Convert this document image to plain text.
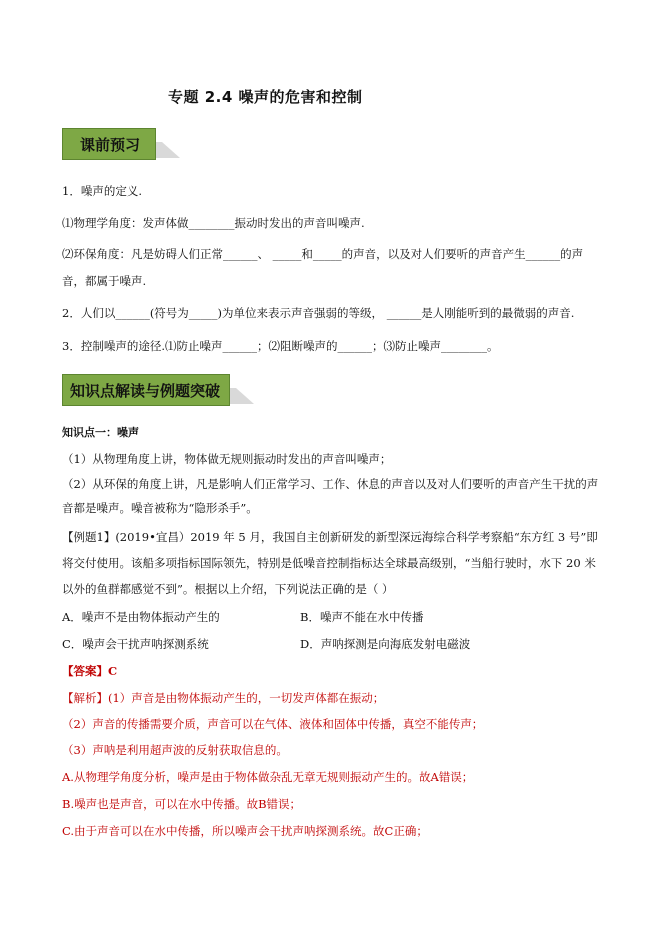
专题 2.4 噪声的危害和控制
课前预习
1．噪声的定义.
⑴物理学角度：发声体做________振动时发出的声音叫噪声.
⑵环保角度：凡是妨碍人们正常______、 _____和_____的声音，以及对人们要听的声音产生______的声
音，都属于噪声.
2．人们以______(符号为_____)为单位来表示声音强弱的等级， ______是人刚能听到的最微弱的声音.
3．控制噪声的途径.⑴防止噪声______；⑵阻断噪声的______；⑶防止噪声________。
知识点解读与例题突破
知识点一：噪声
（1）从物理角度上讲，物体做无规则振动时发出的声音叫噪声；
（2）从环保的角度上讲，凡是影响人们正常学习、工作、休息的声音以及对人们要听的声音产生干扰的声
音都是噪声。噪音被称为“隐形杀手”。
【例题1】(2019•宜昌）2019 年 5 月，我国自主创新研发的新型深远海综合科学考察船“东方红 3 号”即
将交付使用。该船多项指标国际领先，特别是低噪音控制指标达全球最高级别，“当船行驶时，水下 20 米
以外的鱼群都感觉不到”。根据以上介绍，下列说法正确的是（ ）
A．噪声不是由物体振动产生的	B．噪声不能在水中传播
C．噪声会干扰声呐探测系统	D．声呐探测是向海底发射电磁波
【答案】C
【解析】(1）声音是由物体振动产生的，一切发声体都在振动；
（2）声音的传播需要介质，声音可以在气体、液体和固体中传播，真空不能传声；
（3）声呐是利用超声波的反射获取信息的。
A.从物理学角度分析，噪声是由于物体做杂乱无章无规则振动产生的。故A错误；
B.噪声也是声音，可以在水中传播。故B错误；
C.由于声音可以在水中传播，所以噪声会干扰声呐探测系统。故C正确；
